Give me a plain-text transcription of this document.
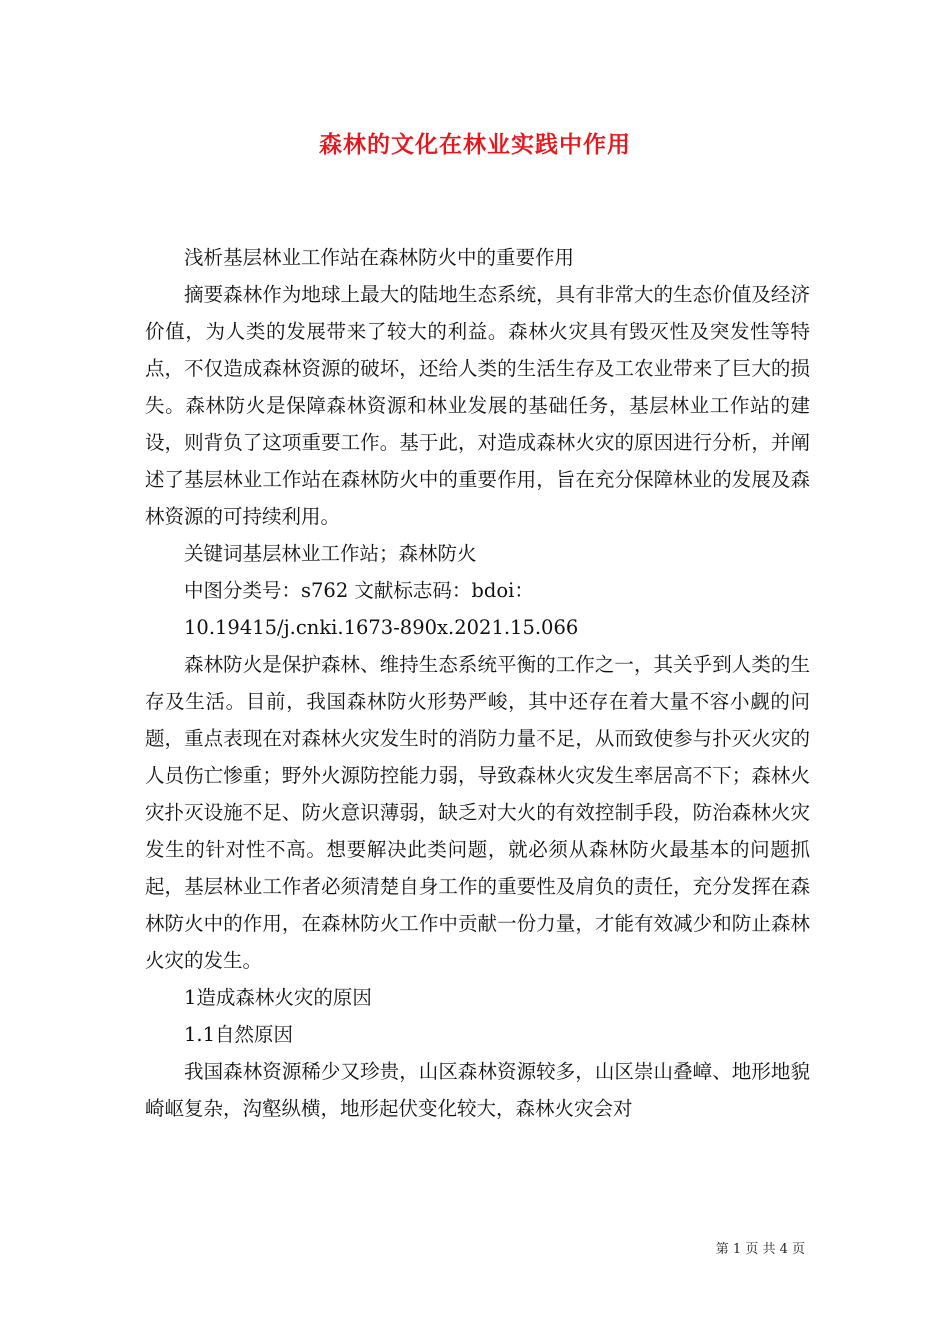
森林的文化在林业实践中作用

浅析基层林业工作站在森林防火中的重要作用

摘要森林作为地球上最大的陆地生态系统，具有非常大的生态价值及经济价值，为人类的发展带来了较大的利益。森林火灾具有毁灭性及突发性等特点，不仅造成森林资源的破坏，还给人类的生活生存及工农业带来了巨大的损失。森林防火是保障森林资源和林业发展的基础任务，基层林业工作站的建设，则背负了这项重要工作。基于此，对造成森林火灾的原因进行分析，并阐述了基层林业工作站在森林防火中的重要作用，旨在充分保障林业的发展及森林资源的可持续利用。

关键词基层林业工作站；森林防火

中图分类号：s762 文献标志码：bdoi：

10.19415/j.cnki.1673-890x.2021.15.066

森林防火是保护森林、维持生态系统平衡的工作之一，其关乎到人类的生存及生活。目前，我国森林防火形势严峻，其中还存在着大量不容小觑的问题，重点表现在对森林火灾发生时的消防力量不足，从而致使参与扑灭火灾的人员伤亡惨重；野外火源防控能力弱，导致森林火灾发生率居高不下；森林火灾扑灭设施不足、防火意识薄弱，缺乏对大火的有效控制手段，防治森林火灾发生的针对性不高。想要解决此类问题，就必须从森林防火最基本的问题抓起，基层林业工作者必须清楚自身工作的重要性及肩负的责任，充分发挥在森林防火中的作用，在森林防火工作中贡献一份力量，才能有效减少和防止森林火灾的发生。

1造成森林火灾的原因

1.1自然原因

我国森林资源稀少又珍贵，山区森林资源较多，山区崇山叠嶂、地形地貌崎岖复杂，沟壑纵横，地形起伏变化较大，森林火灾会对

第 1 页 共 4 页
